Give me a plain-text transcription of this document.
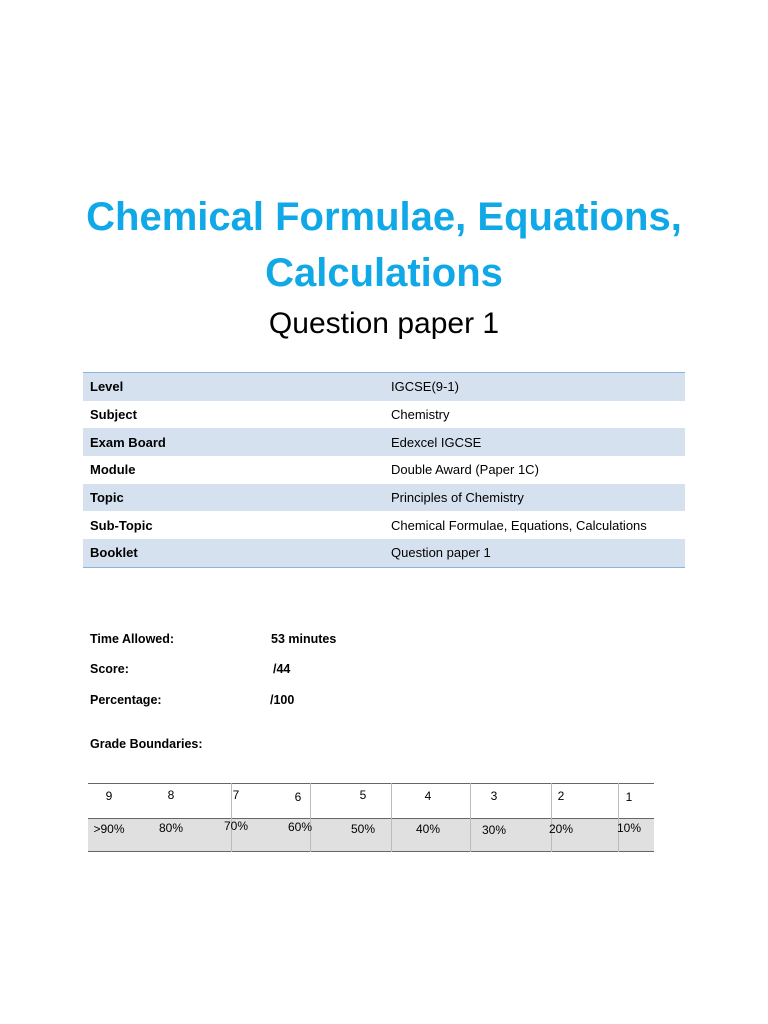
Chemical Formulae, Equations,
Calculations
Question paper 1
Level	IGCSE(9-1)
Subject	Chemistry
Exam Board	Edexcel IGCSE
Module	Double Award (Paper 1C)
Topic	Principles of Chemistry
Sub-Topic	Chemical Formulae, Equations, Calculations
Booklet	Question paper 1
Time Allowed:	53 minutes
Score:	/44
Percentage:	/100
Grade Boundaries:
9	8	7	6	5	4	3	2	1
>90%	80%	70%	60%	50%	40%	30%	20%	10%
